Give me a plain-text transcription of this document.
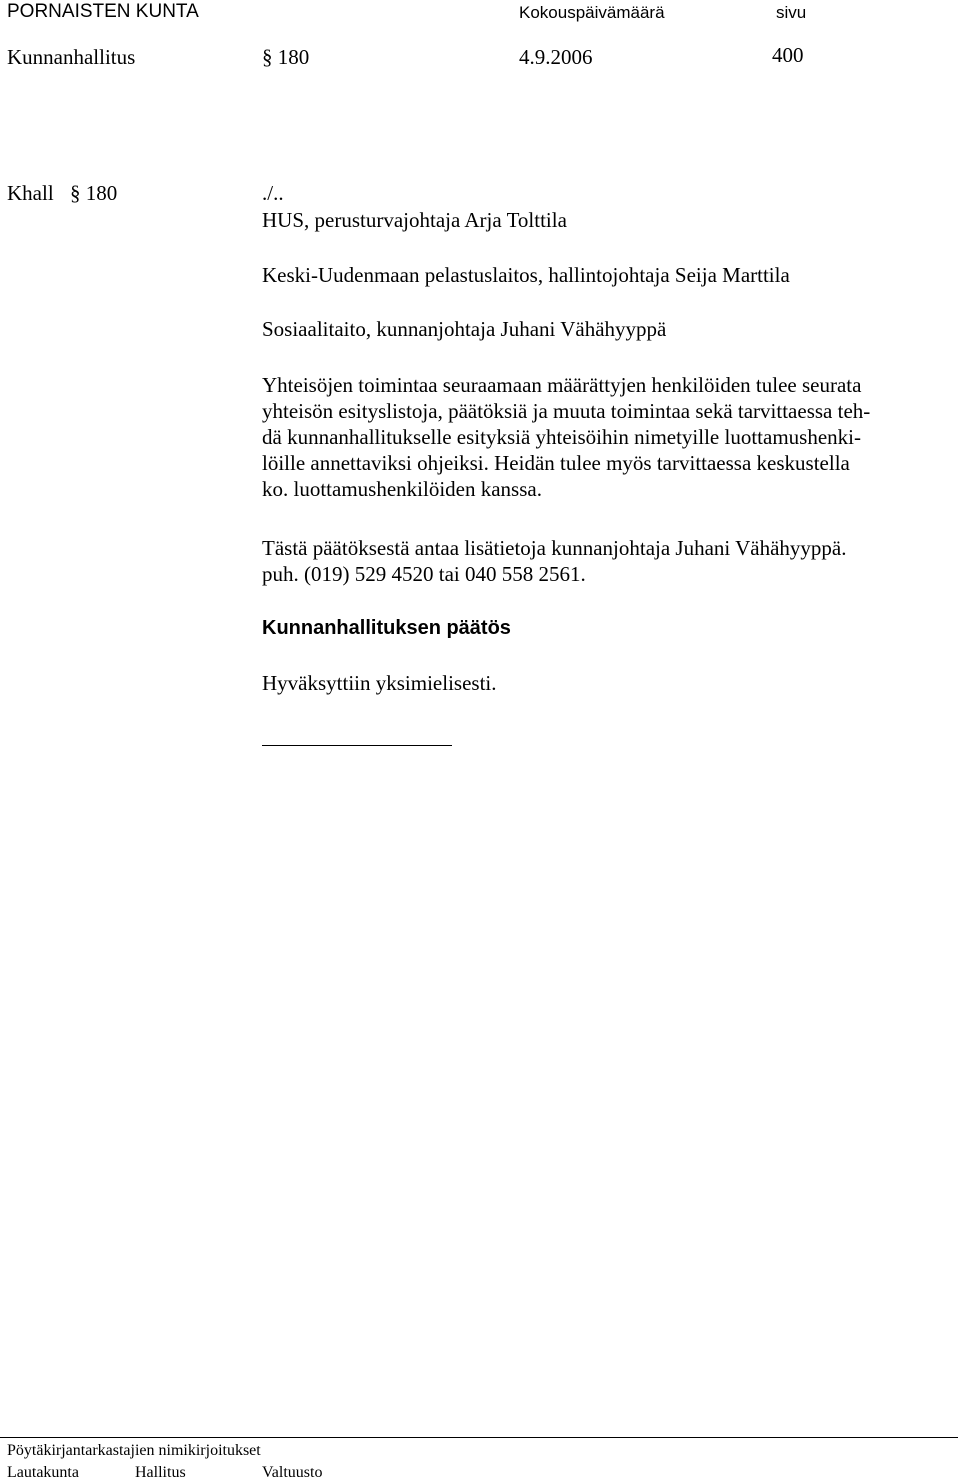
PORNAISTEN KUNTA	Kokouspäivämäärä	sivu
Kunnanhallitus	§ 180	4.9.2006	400
Khall § 180	./..
HUS, perusturvajohtaja Arja Tolttila
Keski-Uudenmaan pelastuslaitos, hallintojohtaja Seija Marttila
Sosiaalitaito, kunnanjohtaja Juhani Vähähyyppä
Yhteisöjen toimintaa seuraamaan määrättyjen henkilöiden tulee seurata
yhteisön esityslistoja, päätöksiä ja muuta toimintaa sekä tarvittaessa teh-
dä kunnanhallitukselle esityksiä yhteisöihin nimetyille luottamushenki-
löille annettaviksi ohjeiksi. Heidän tulee myös tarvittaessa keskustella
ko. luottamushenkilöiden kanssa.
Tästä päätöksestä antaa lisätietoja kunnanjohtaja Juhani Vähähyyppä.
puh. (019) 529 4520 tai 040 558 2561.
Kunnanhallituksen päätös
Hyväksyttiin yksimielisesti.
Pöytäkirjantarkastajien nimikirjoitukset
Lautakunta	Hallitus	Valtuusto
